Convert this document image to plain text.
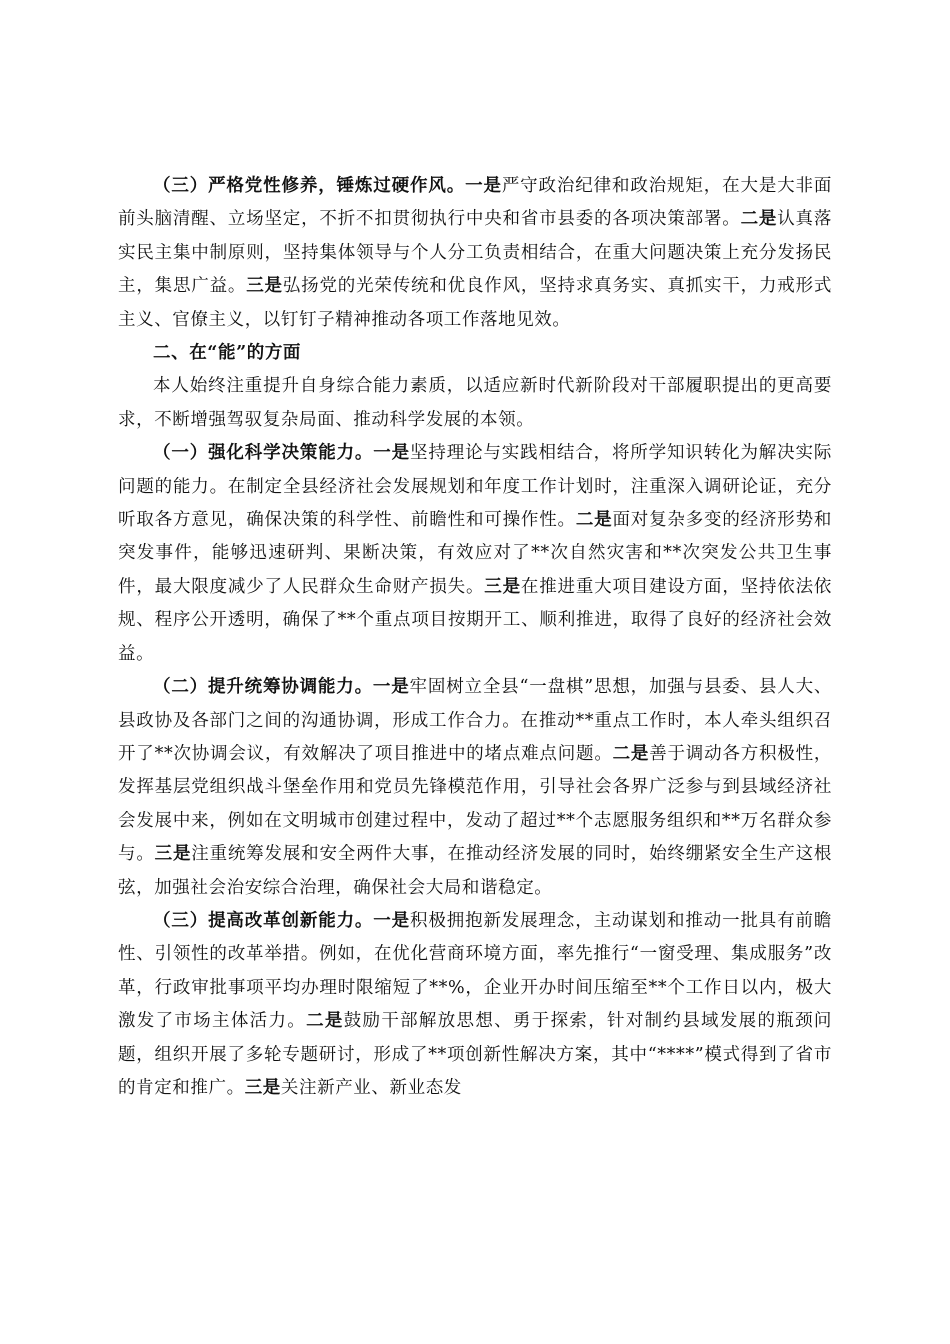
（三）严格党性修养，锤炼过硬作风。一是严守政治纪律和政治规矩，在大是大非面前头脑清醒、立场坚定，不折不扣贯彻执行中央和省市县委的各项决策部署。二是认真落实民主集中制原则，坚持集体领导与个人分工负责相结合，在重大问题决策上充分发扬民主，集思广益。三是弘扬党的光荣传统和优良作风，坚持求真务实、真抓实干，力戒形式主义、官僚主义，以钉钉子精神推动各项工作落地见效。

二、在“能”的方面

本人始终注重提升自身综合能力素质，以适应新时代新阶段对干部履职提出的更高要求，不断增强驾驭复杂局面、推动科学发展的本领。

（一）强化科学决策能力。一是坚持理论与实践相结合，将所学知识转化为解决实际问题的能力。在制定全县经济社会发展规划和年度工作计划时，注重深入调研论证，充分听取各方意见，确保决策的科学性、前瞻性和可操作性。二是面对复杂多变的经济形势和突发事件，能够迅速研判、果断决策，有效应对了**次自然灾害和**次突发公共卫生事件，最大限度减少了人民群众生命财产损失。三是在推进重大项目建设方面，坚持依法依规、程序公开透明，确保了**个重点项目按期开工、顺利推进，取得了良好的经济社会效益。

（二）提升统筹协调能力。一是牢固树立全县“一盘棋”思想，加强与县委、县人大、县政协及各部门之间的沟通协调，形成工作合力。在推动**重点工作时，本人牵头组织召开了**次协调会议，有效解决了项目推进中的堵点难点问题。二是善于调动各方积极性，发挥基层党组织战斗堡垒作用和党员先锋模范作用，引导社会各界广泛参与到县域经济社会发展中来，例如在文明城市创建过程中，发动了超过**个志愿服务组织和**万名群众参与。三是注重统筹发展和安全两件大事，在推动经济发展的同时，始终绷紧安全生产这根弦，加强社会治安综合治理，确保社会大局和谐稳定。

（三）提高改革创新能力。一是积极拥抱新发展理念，主动谋划和推动一批具有前瞻性、引领性的改革举措。例如，在优化营商环境方面，率先推行“一窗受理、集成服务”改革，行政审批事项平均办理时限缩短了**%，企业开办时间压缩至**个工作日以内，极大激发了市场主体活力。二是鼓励干部解放思想、勇于探索，针对制约县域发展的瓶颈问题，组织开展了多轮专题研讨，形成了**项创新性解决方案，其中“****”模式得到了省市的肯定和推广。三是关注新产业、新业态发
